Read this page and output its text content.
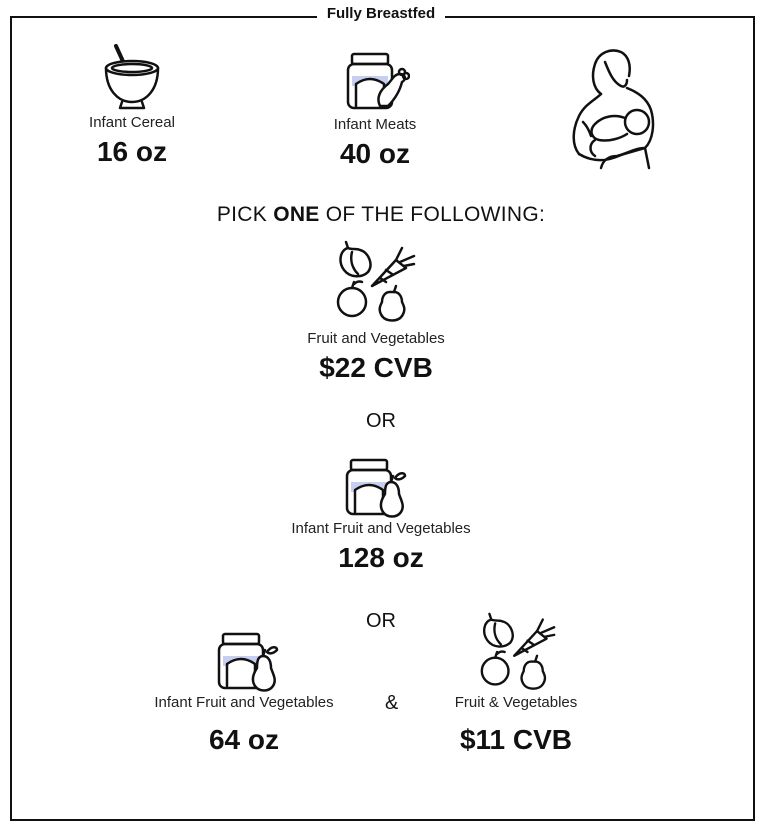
Fully Breastfed
Infant Cereal
16 oz
Infant Meats
40 oz
PICK ONE OF THE FOLLOWING:
Fruit and Vegetables
$22 CVB
OR
Infant Fruit and Vegetables
128 oz
OR
Infant Fruit and Vegetables
64 oz
&	Fruit & Vegetables
$11 CVB
